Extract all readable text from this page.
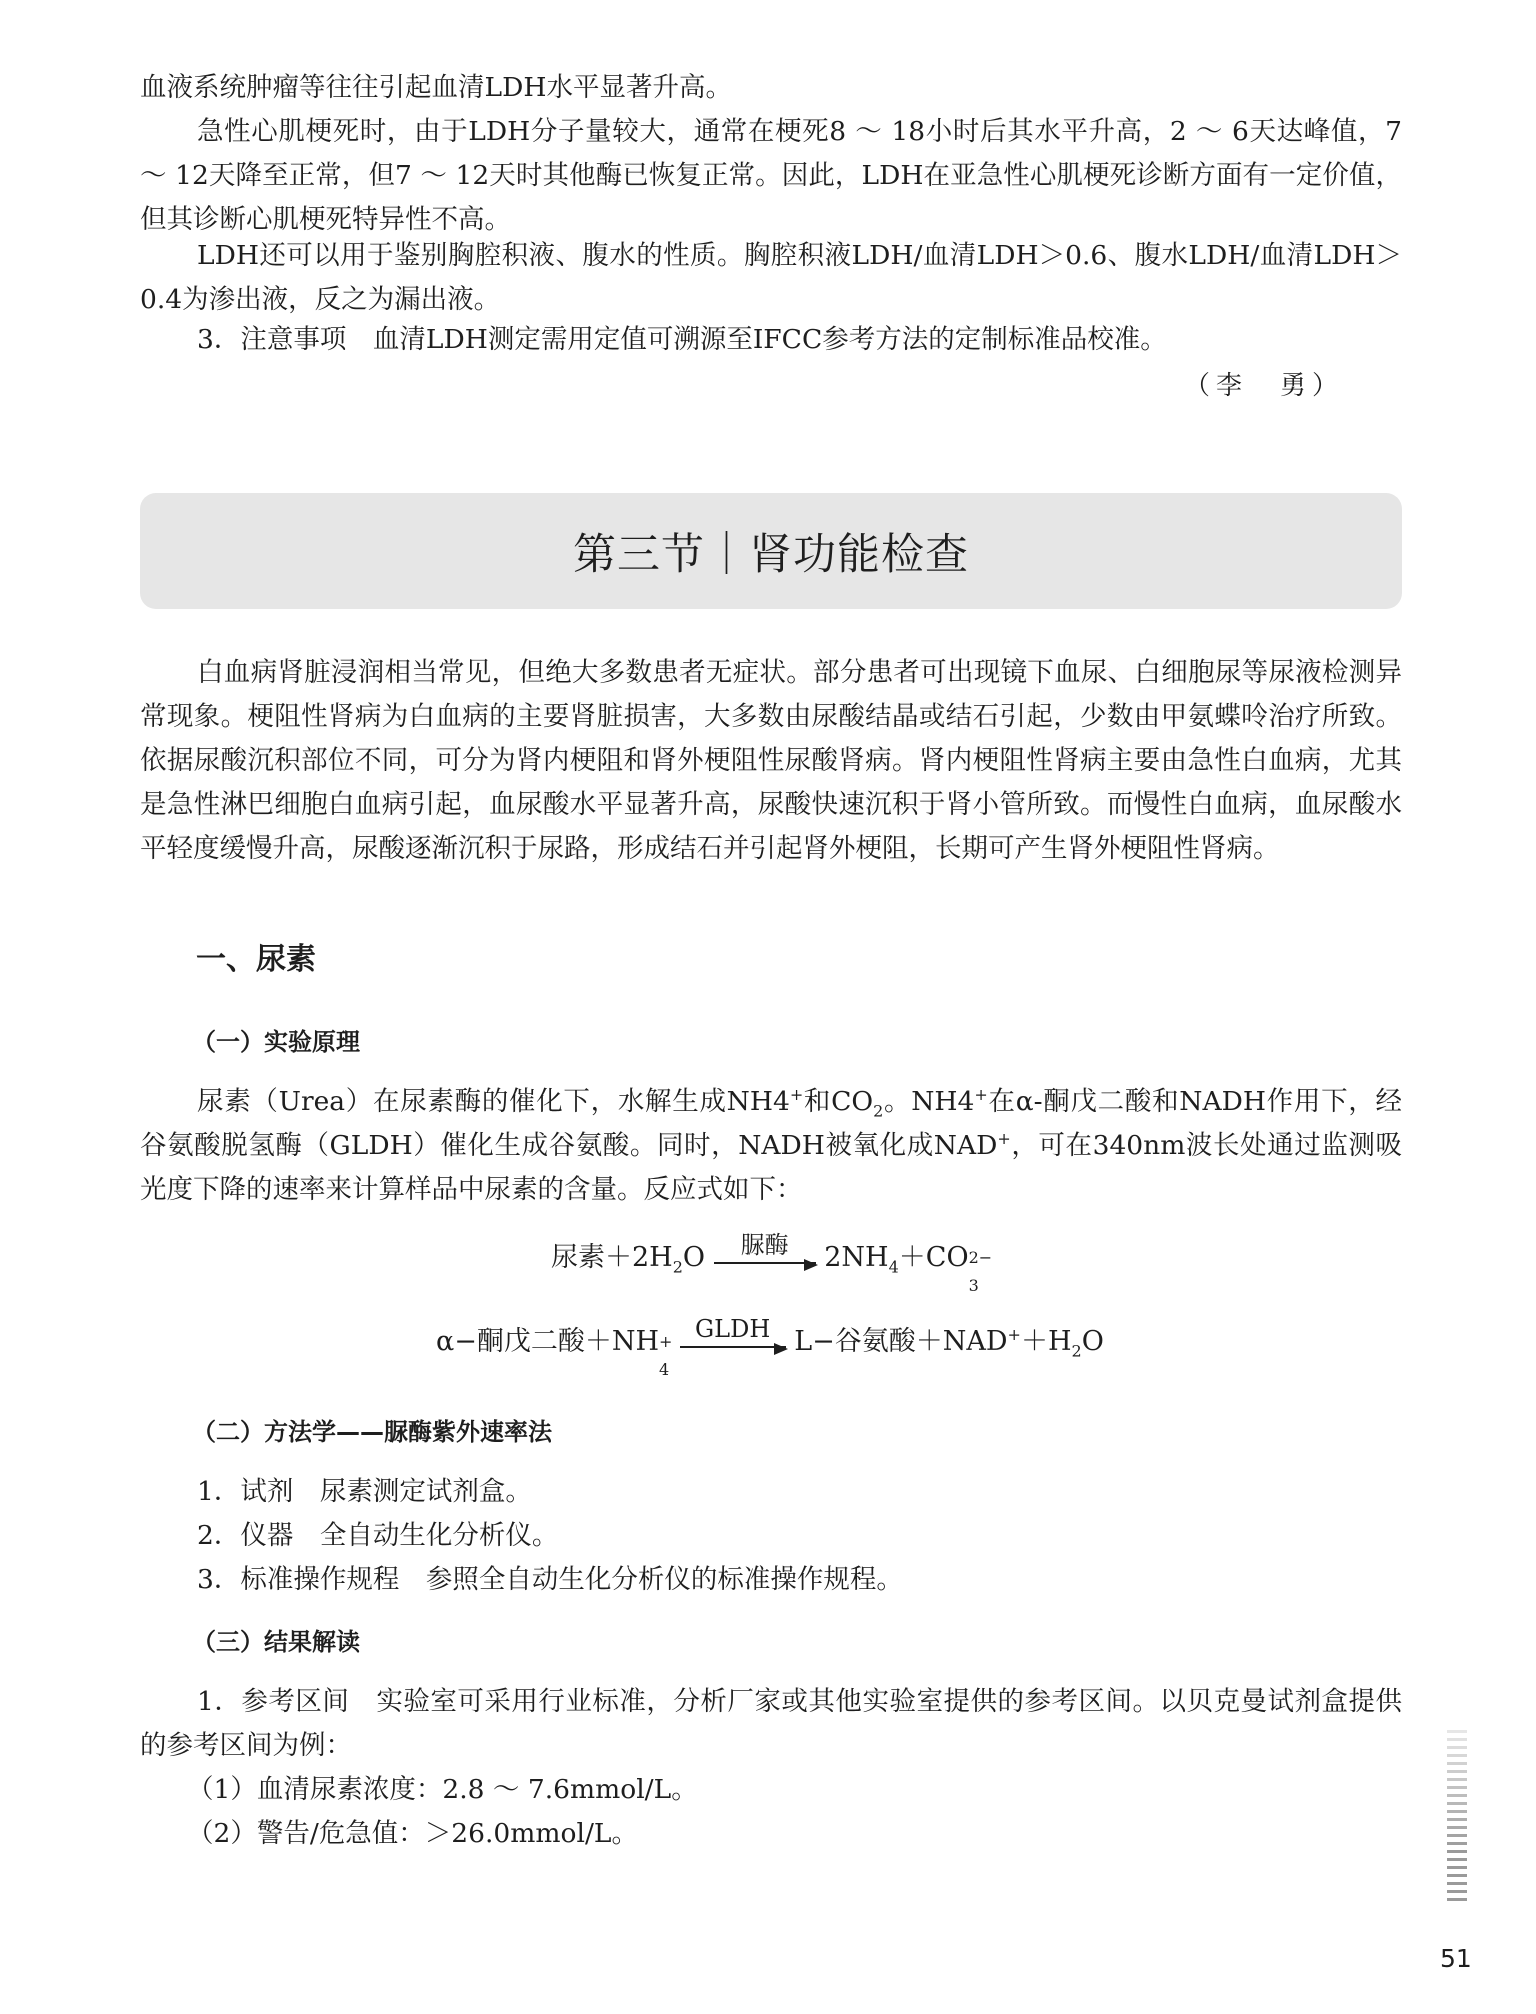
血液系统肿瘤等往往引起血清LDH水平显著升高。

急性心肌梗死时，由于LDH分子量较大，通常在梗死8 ～ 18小时后其水平升高，2 ～ 6天达峰值，7 ～ 12天降至正常，但7 ～ 12天时其他酶已恢复正常。因此，LDH在亚急性心肌梗死诊断方面有一定价值，但其诊断心肌梗死特异性不高。

LDH还可以用于鉴别胸腔积液、腹水的性质。胸腔积液LDH/血清LDH＞0.6、腹水LDH/血清LDH＞0.4为渗出液，反之为漏出液。

3．注意事项　血清LDH测定需用定值可溯源至IFCC参考方法的定制标准品校准。

（李　勇）
第三节｜肾功能检查

白血病肾脏浸润相当常见，但绝大多数患者无症状。部分患者可出现镜下血尿、白细胞尿等尿液检测异常现象。梗阻性肾病为白血病的主要肾脏损害，大多数由尿酸结晶或结石引起，少数由甲氨蝶呤治疗所致。依据尿酸沉积部位不同，可分为肾内梗阻和肾外梗阻性尿酸肾病。肾内梗阻性肾病主要由急性白血病，尤其是急性淋巴细胞白血病引起，血尿酸水平显著升高，尿酸快速沉积于肾小管所致。而慢性白血病，血尿酸水平轻度缓慢升高，尿酸逐渐沉积于尿路，形成结石并引起肾外梗阻，长期可产生肾外梗阻性肾病。

一、尿素
（一）实验原理

尿素（Urea）在尿素酶的催化下，水解生成NH4+和$CO_2$。NH4+在α-酮戊二酸和NADH作用下，经谷氨酸脱氢酶（GLDH）催化生成谷氨酸。同时，NADH被氧化成NAD+，可在340nm波长处通过监测吸光度下降的速率来计算样品中尿素的含量。反应式如下：

尿素$+2H_2O$	脲酶	$2NH_4+CO$ 2−
3
α−酮戊二酸＋NH +
4

GLDH L−谷氨酸$+NAD^++H_2O$
（二）方法学——脲酶紫外速率法

1．试剂　尿素测定试剂盒。

2．仪器　全自动生化分析仪。

3．标准操作规程　参照全自动生化分析仪的标准操作规程。

（三）结果解读

1．参考区间　实验室可采用行业标准，分析厂家或其他实验室提供的参考区间。以贝克曼试剂盒提供的参考区间为例：

（1）血清尿素浓度：2.8 ～ 7.6mmol/L。

（2）警告/危急值：＞26.0mmol/L。

51
